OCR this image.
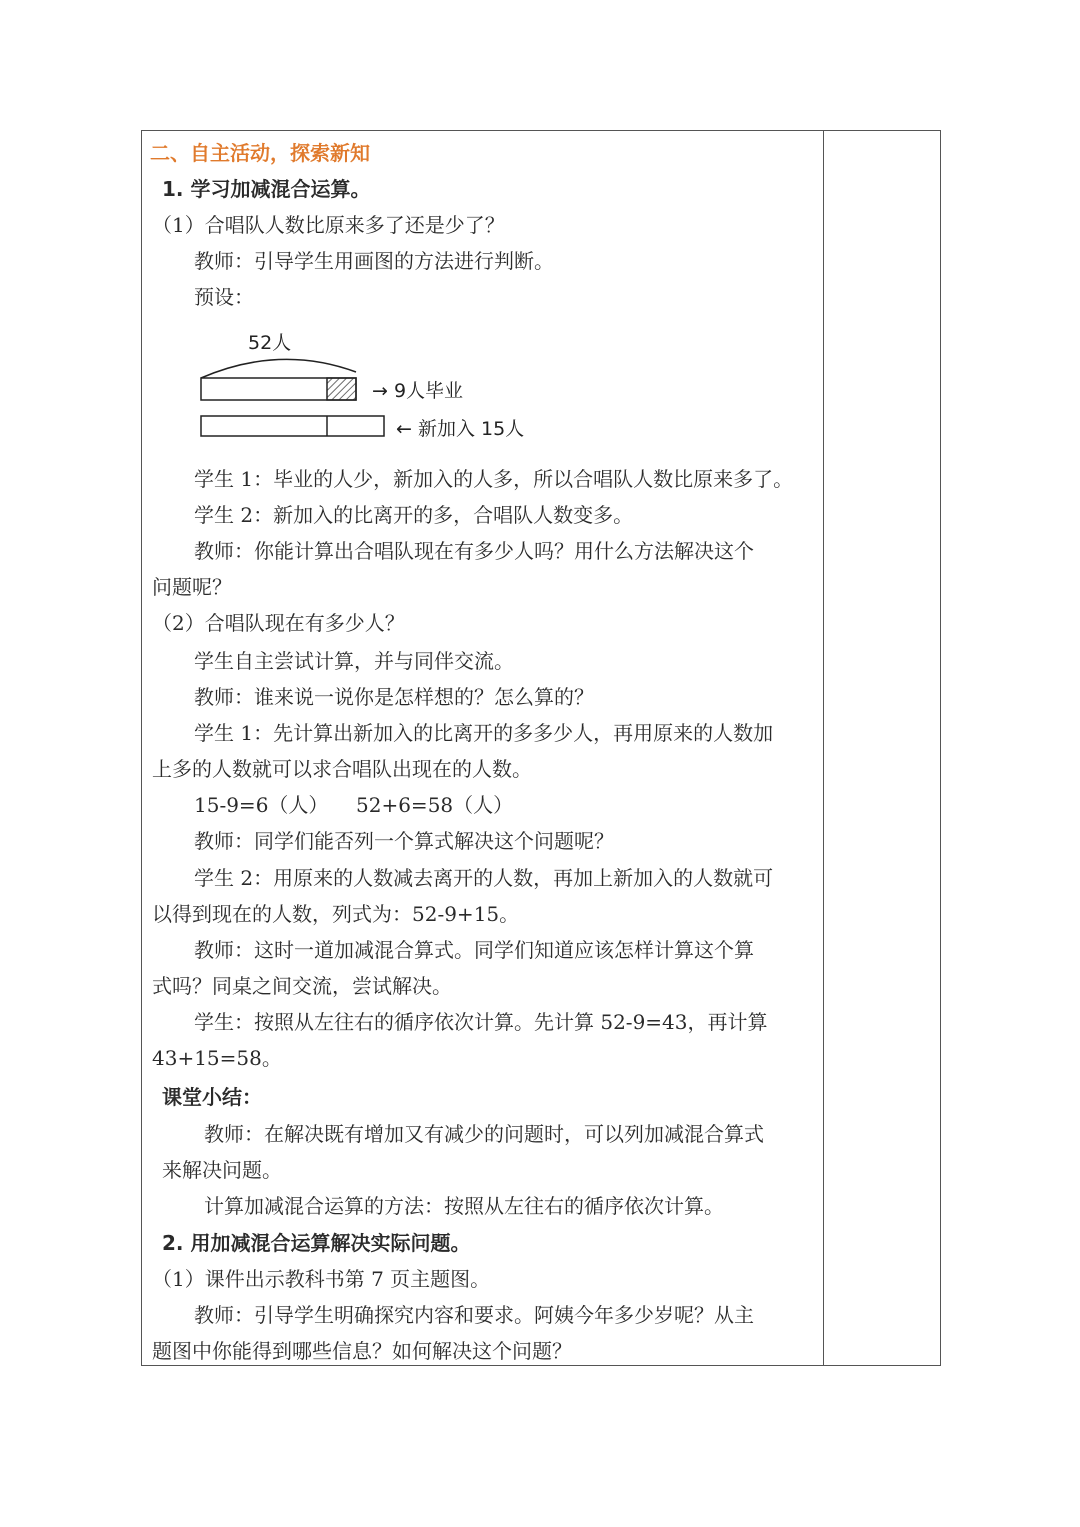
二、自主活动，探索新知
1. 学习加减混合运算。
（1）合唱队人数比原来多了还是少了？
教师：引导学生用画图的方法进行判断。
预设：
52人
→ 9人毕业
← 新加入 15人
学生 1：毕业的人少，新加入的人多，所以合唱队人数比原来多了。
学生 2：新加入的比离开的多，合唱队人数变多。
教师：你能计算出合唱队现在有多少人吗？用什么方法解决这个
问题呢？
（2）合唱队现在有多少人？
学生自主尝试计算，并与同伴交流。
教师：谁来说一说你是怎样想的？怎么算的？
学生 1：先计算出新加入的比离开的多多少人，再用原来的人数加
上多的人数就可以求合唱队出现在的人数。
15-9=6（人） 52+6=58（人）
教师：同学们能否列一个算式解决这个问题呢？
学生 2：用原来的人数减去离开的人数，再加上新加入的人数就可
以得到现在的人数，列式为：52-9+15。
教师：这时一道加减混合算式。同学们知道应该怎样计算这个算
式吗？同桌之间交流，尝试解决。
学生：按照从左往右的循序依次计算。先计算 52-9=43，再计算
43+15=58。
课堂小结：
教师：在解决既有增加又有减少的问题时，可以列加减混合算式
来解决问题。
计算加减混合运算的方法：按照从左往右的循序依次计算。
2. 用加减混合运算解决实际问题。
（1）课件出示教科书第 7 页主题图。
教师：引导学生明确探究内容和要求。阿姨今年多少岁呢？从主
题图中你能得到哪些信息？如何解决这个问题？
